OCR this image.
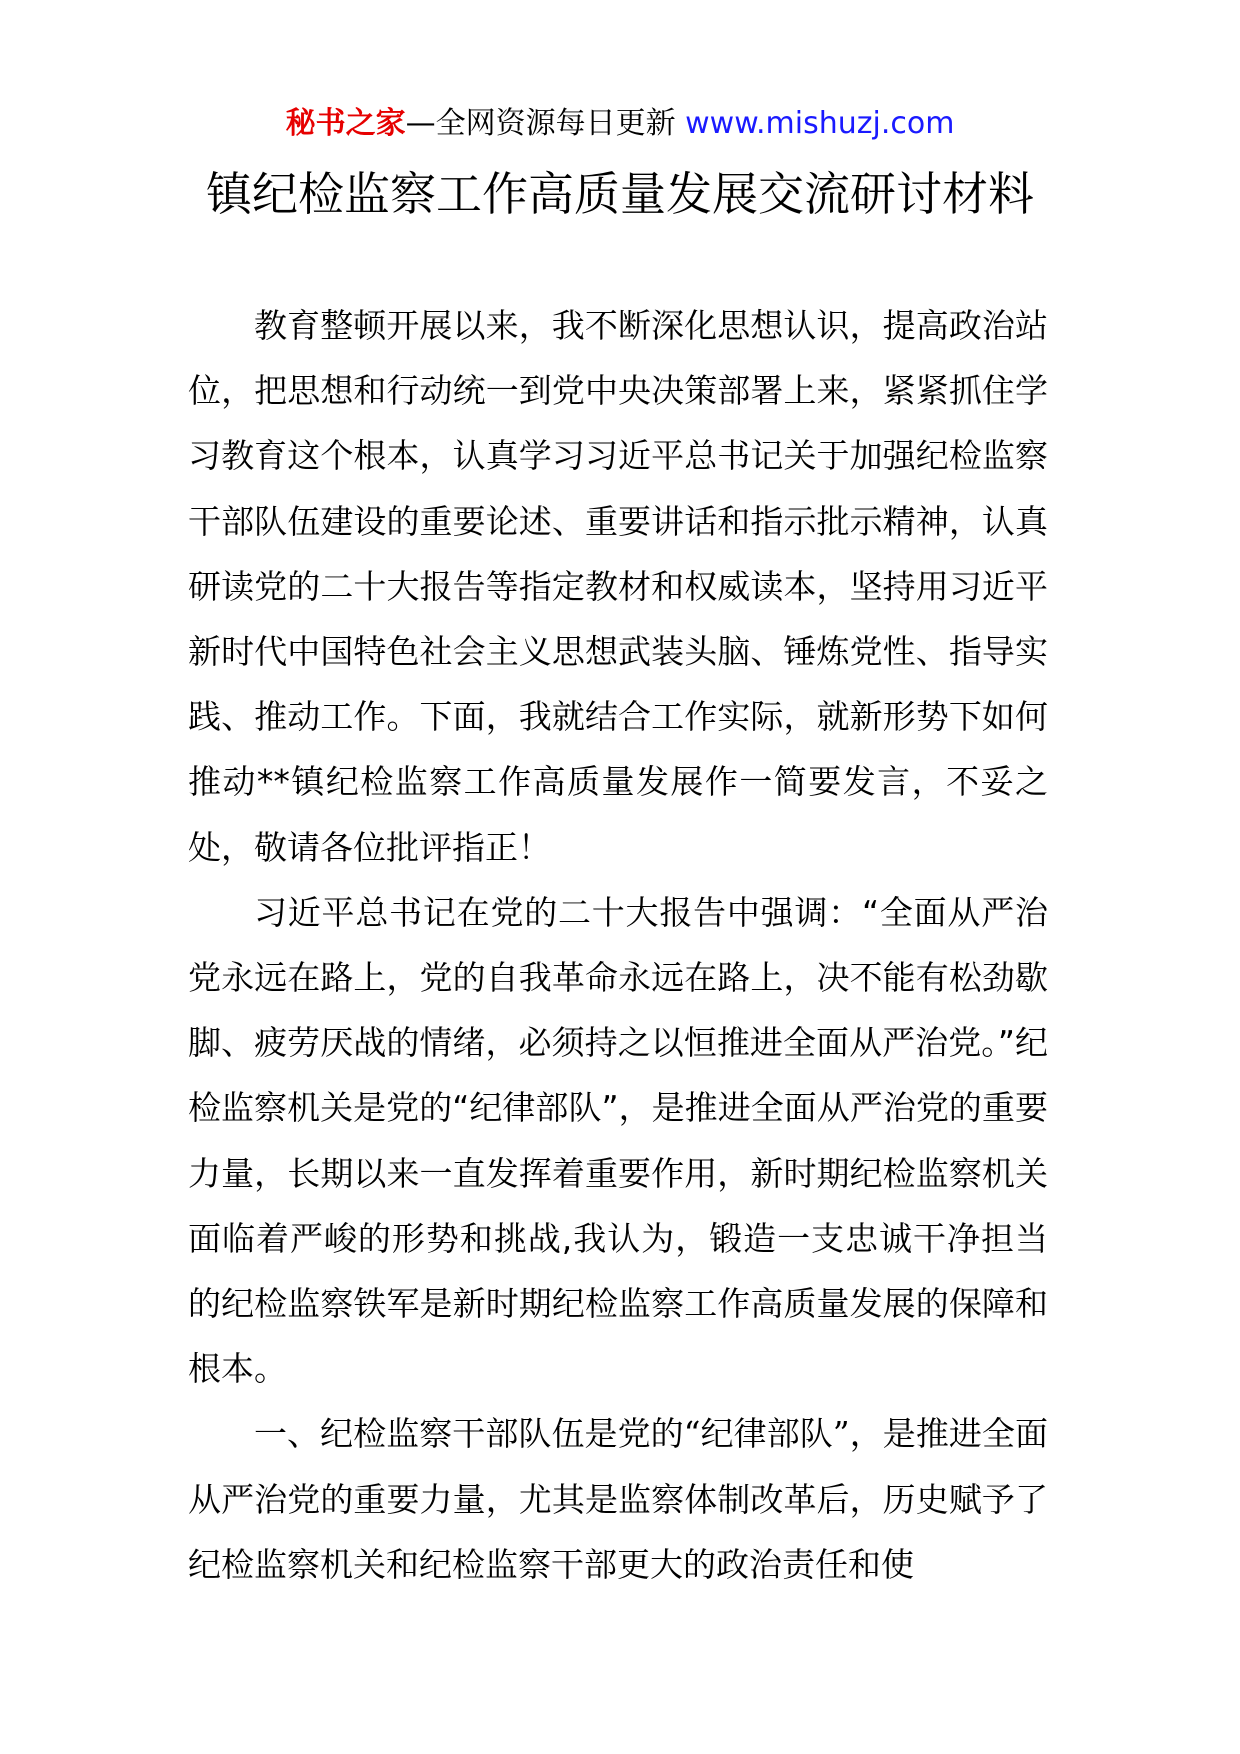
秘书之家—全网资源每日更新 www.mishuzj.com
镇纪检监察工作高质量发展交流研讨材料

教育整顿开展以来，我不断深化思想认识，提高政治站位，把思想和行动统一到党中央决策部署上来，紧紧抓住学习教育这个根本，认真学习习近平总书记关于加强纪检监察干部队伍建设的重要论述、重要讲话和指示批示精神，认真研读党的二十大报告等指定教材和权威读本，坚持用习近平新时代中国特色社会主义思想武装头脑、锤炼党性、指导实践、推动工作。下面，我就结合工作实际，就新形势下如何推动**镇纪检监察工作高质量发展作一简要发言，不妥之处，敬请各位批评指正！

习近平总书记在党的二十大报告中强调：“全面从严治党永远在路上，党的自我革命永远在路上，决不能有松劲歇脚、疲劳厌战的情绪，必须持之以恒推进全面从严治党。”纪检监察机关是党的“纪律部队”，是推进全面从严治党的重要力量，长期以来一直发挥着重要作用，新时期纪检监察机关面临着严峻的形势和挑战,我认为，锻造一支忠诚干净担当的纪检监察铁军是新时期纪检监察工作高质量发展的保障和根本。

一、纪检监察干部队伍是党的“纪律部队”，是推进全面从严治党的重要力量，尤其是监察体制改革后，历史赋予了纪检监察机关和纪检监察干部更大的政治责任和使
